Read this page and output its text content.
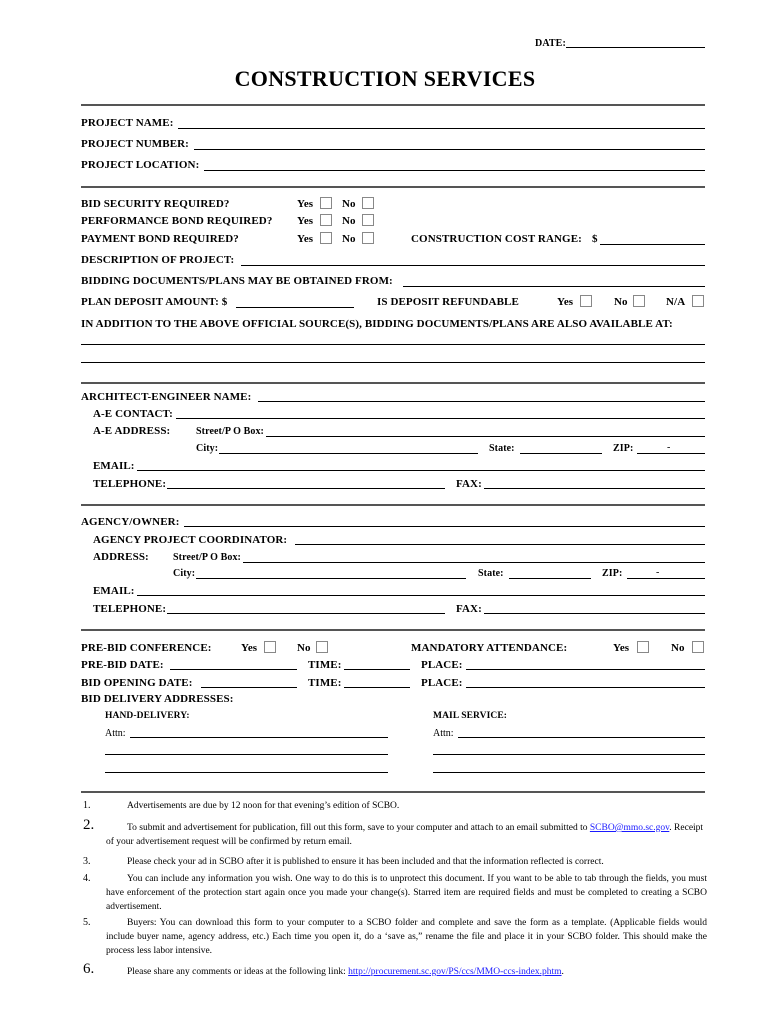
DATE:
CONSTRUCTION SERVICES
PROJECT NAME:
PROJECT NUMBER:
PROJECT LOCATION:
BID SECURITY REQUIRED?	Yes	No
PERFORMANCE BOND REQUIRED? Yes	No
PAYMENT BOND REQUIRED?	Yes	No	CONSTRUCTION COST RANGE: $
DESCRIPTION OF PROJECT:
BIDDING DOCUMENTS/PLANS MAY BE OBTAINED FROM:
PLAN DEPOSIT AMOUNT: $	IS DEPOSIT REFUNDABLE	Yes	No	N/A
IN ADDITION TO THE ABOVE OFFICIAL SOURCE(S), BIDDING DOCUMENTS/PLANS ARE ALSO AVAILABLE AT:
ARCHITECT-ENGINEER NAME:
A-E CONTACT:
A-E ADDRESS:	Street/P O Box:
City:	State:	ZIP:	-
EMAIL:
TELEPHONE:	FAX:
AGENCY/OWNER:
AGENCY PROJECT COORDINATOR:
ADDRESS: Street/P O Box:
City:	State:	ZIP:	-
EMAIL:
TELEPHONE:	FAX:
PRE-BID CONFERENCE:	Yes	No	MANDATORY ATTENDANCE:	Yes	No
PRE-BID DATE:	TIME:	PLACE:
BID OPENING DATE:	TIME:	PLACE:
BID DELIVERY ADDRESSES:
HAND-DELIVERY:	MAIL SERVICE:
Attn:	Attn:
1.	Advertisements are due by 12 noon for that evening’s edition of SCBO.
2.	To submit and advertisement for publication, fill out this form, save to your computer and attach to an email submitted to SCBO@mmo.sc.gov. Receipt of your advertisement request will be confirmed by return email.
3.	Please check your ad in SCBO after it is published to ensure it has been included and that the information reflected is correct.
4.	You can include any information you wish. One way to do this is to unprotect this document. If you want to be able to tab through the fields, you must have enforcement of the protection start again once you made your change(s). Starred item are required fields and must be completed to creating a SCBO advertisement.
5.	Buyers: You can download this form to your computer to a SCBO folder and complete and save the form as a template. (Applicable fields would include buyer name, agency address, etc.) Each time you open it, do a ‘save as,” rename the file and place it in your SCBO folder. This should make the process less labor intensive.
6.	Please share any comments or ideas at the following link: http://procurement.sc.gov/PS/ccs/MMO-ccs-index.phtm.
